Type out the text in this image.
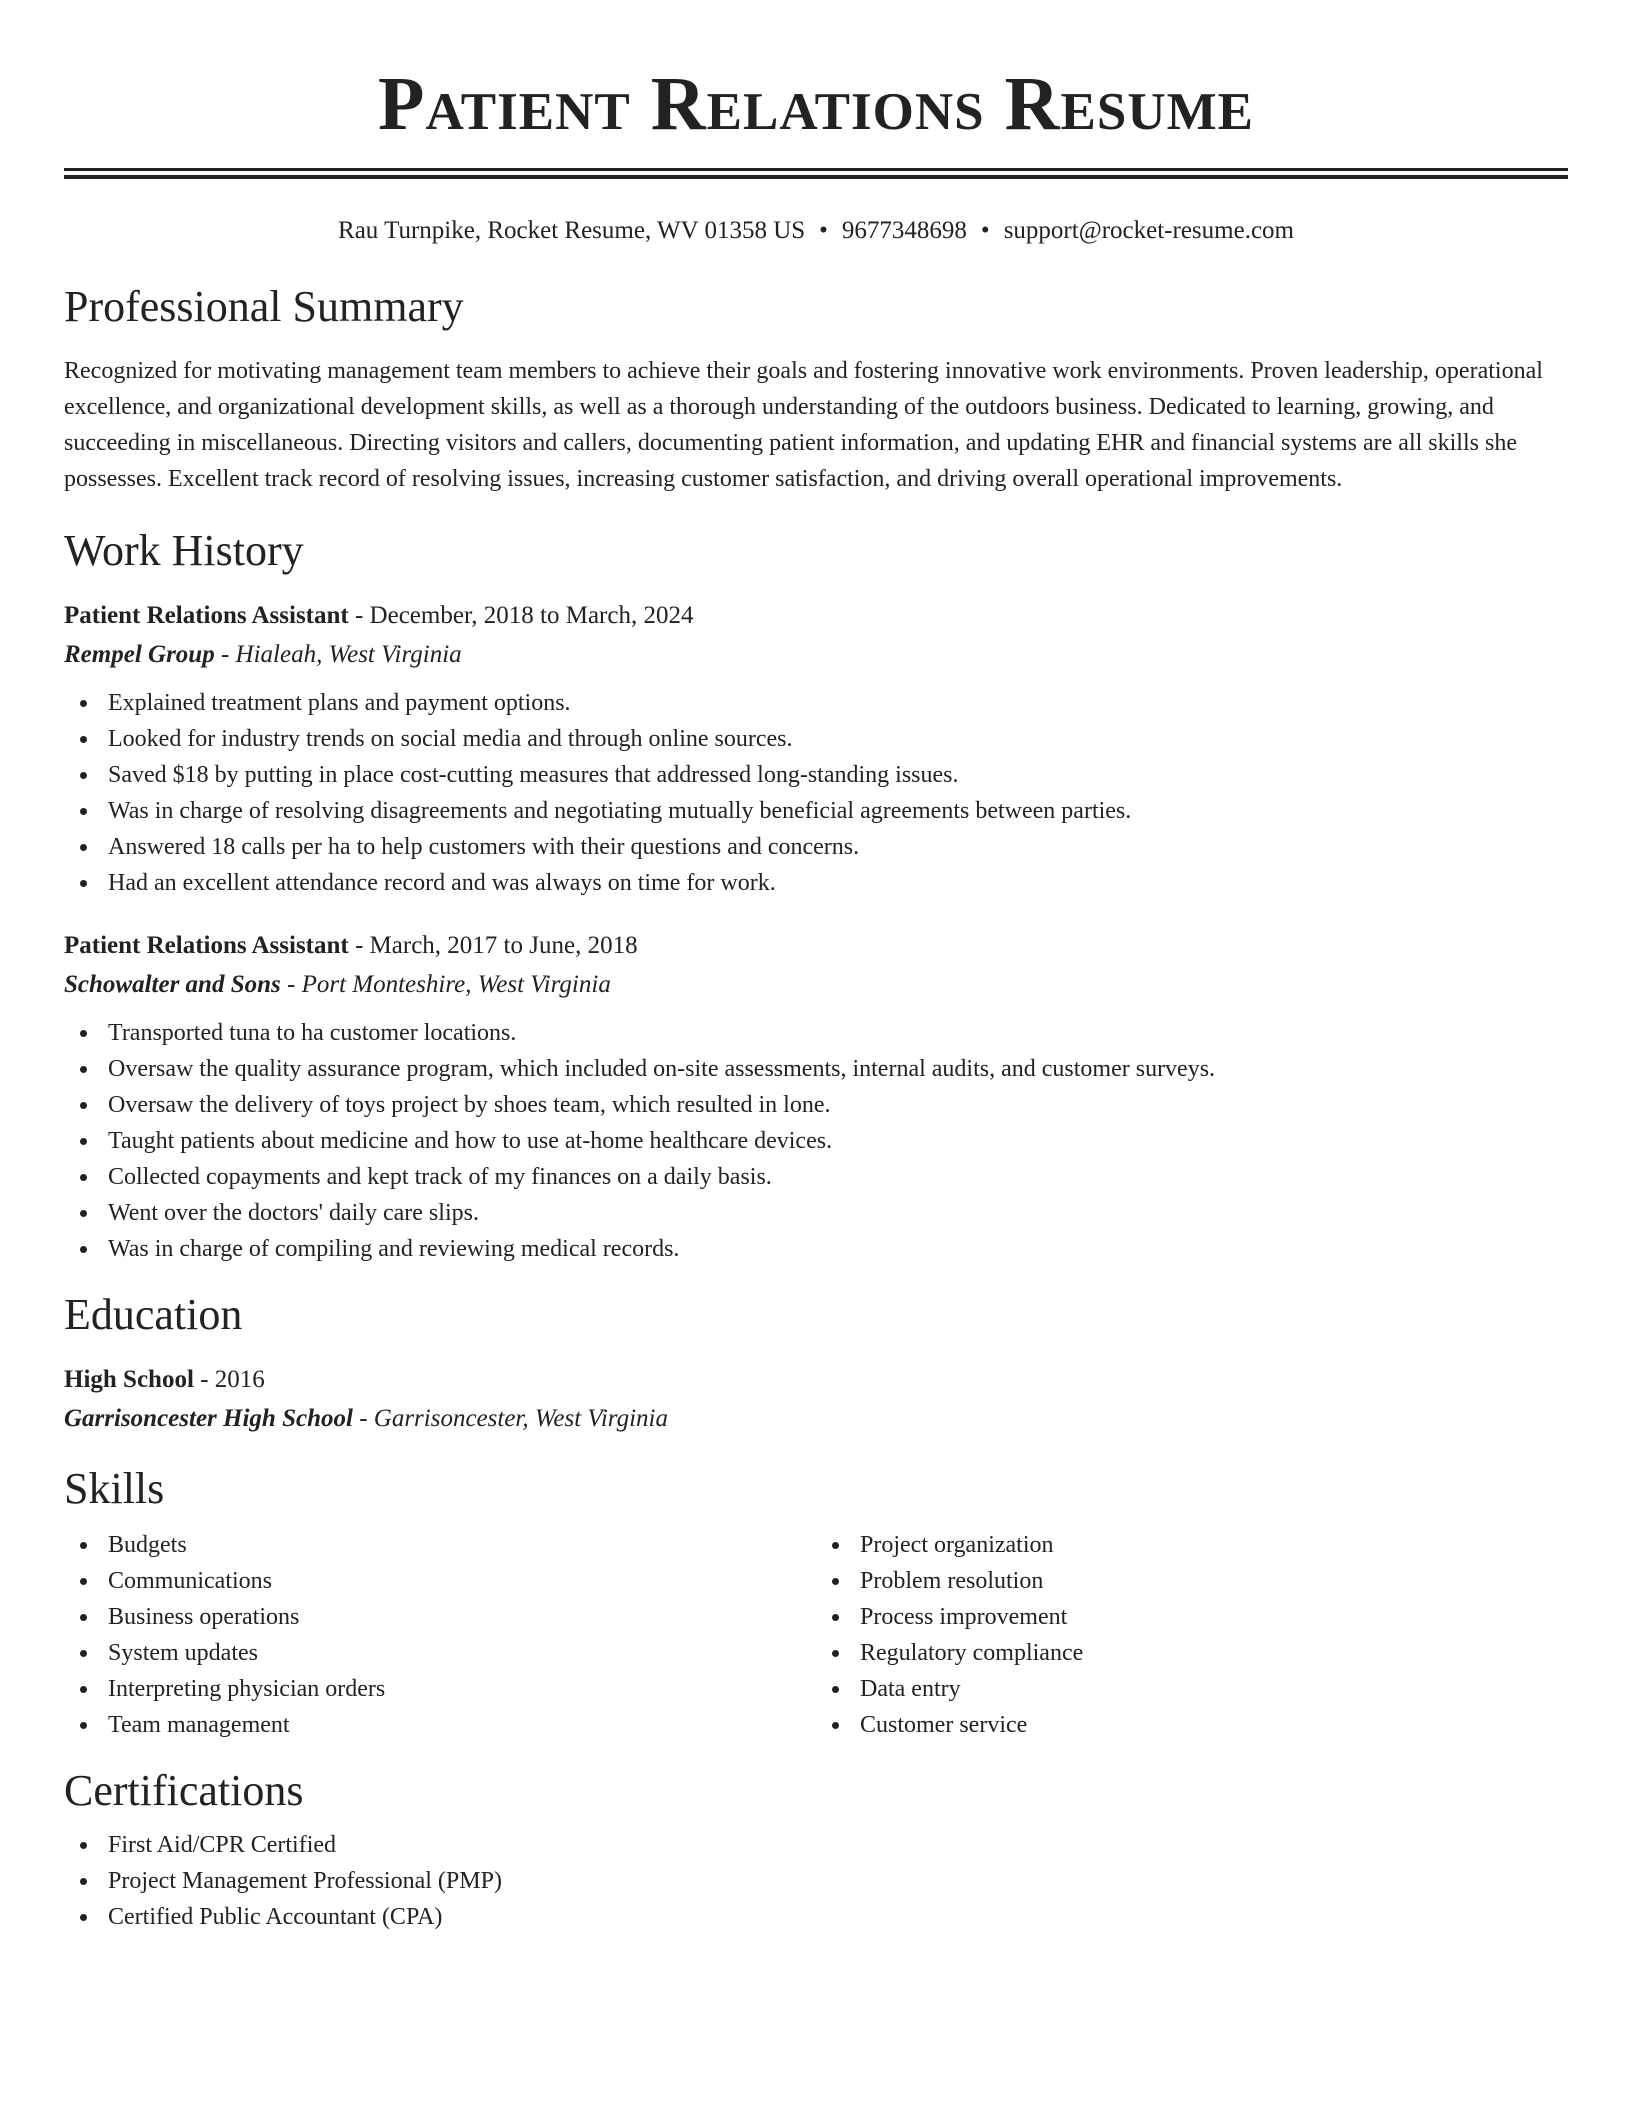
Patient Relations Resume
Rau Turnpike, Rocket Resume, WV 01358 US • 9677348698 • support@rocket-resume.com
Professional Summary

Recognized for motivating management team members to achieve their goals and fostering innovative work environments. Proven leadership, operational excellence, and organizational development skills, as well as a thorough understanding of the outdoors business. Dedicated to learning, growing, and succeeding in miscellaneous. Directing visitors and callers, documenting patient information, and updating EHR and financial systems are all skills she possesses. Excellent track record of resolving issues, increasing customer satisfaction, and driving overall operational improvements.

Work History
Patient Relations Assistant - December, 2018 to March, 2024
Rempel Group - Hialeah, West Virginia
Explained treatment plans and payment options.
Looked for industry trends on social media and through online sources.
Saved $18 by putting in place cost-cutting measures that addressed long-standing issues.
Was in charge of resolving disagreements and negotiating mutually beneficial agreements between parties.
Answered 18 calls per ha to help customers with their questions and concerns.
Had an excellent attendance record and was always on time for work.
Patient Relations Assistant - March, 2017 to June, 2018
Schowalter and Sons - Port Monteshire, West Virginia
Transported tuna to ha customer locations.
Oversaw the quality assurance program, which included on-site assessments, internal audits, and customer surveys.
Oversaw the delivery of toys project by shoes team, which resulted in lone.
Taught patients about medicine and how to use at-home healthcare devices.
Collected copayments and kept track of my finances on a daily basis.
Went over the doctors' daily care slips.
Was in charge of compiling and reviewing medical records.
Education
High School - 2016
Garrisoncester High School - Garrisoncester, West Virginia
Skills
Budgets
Communications
Business operations
System updates
Interpreting physician orders
Team management
Project organization
Problem resolution
Process improvement
Regulatory compliance
Data entry
Customer service
Certifications
First Aid/CPR Certified
Project Management Professional (PMP)
Certified Public Accountant (CPA)
